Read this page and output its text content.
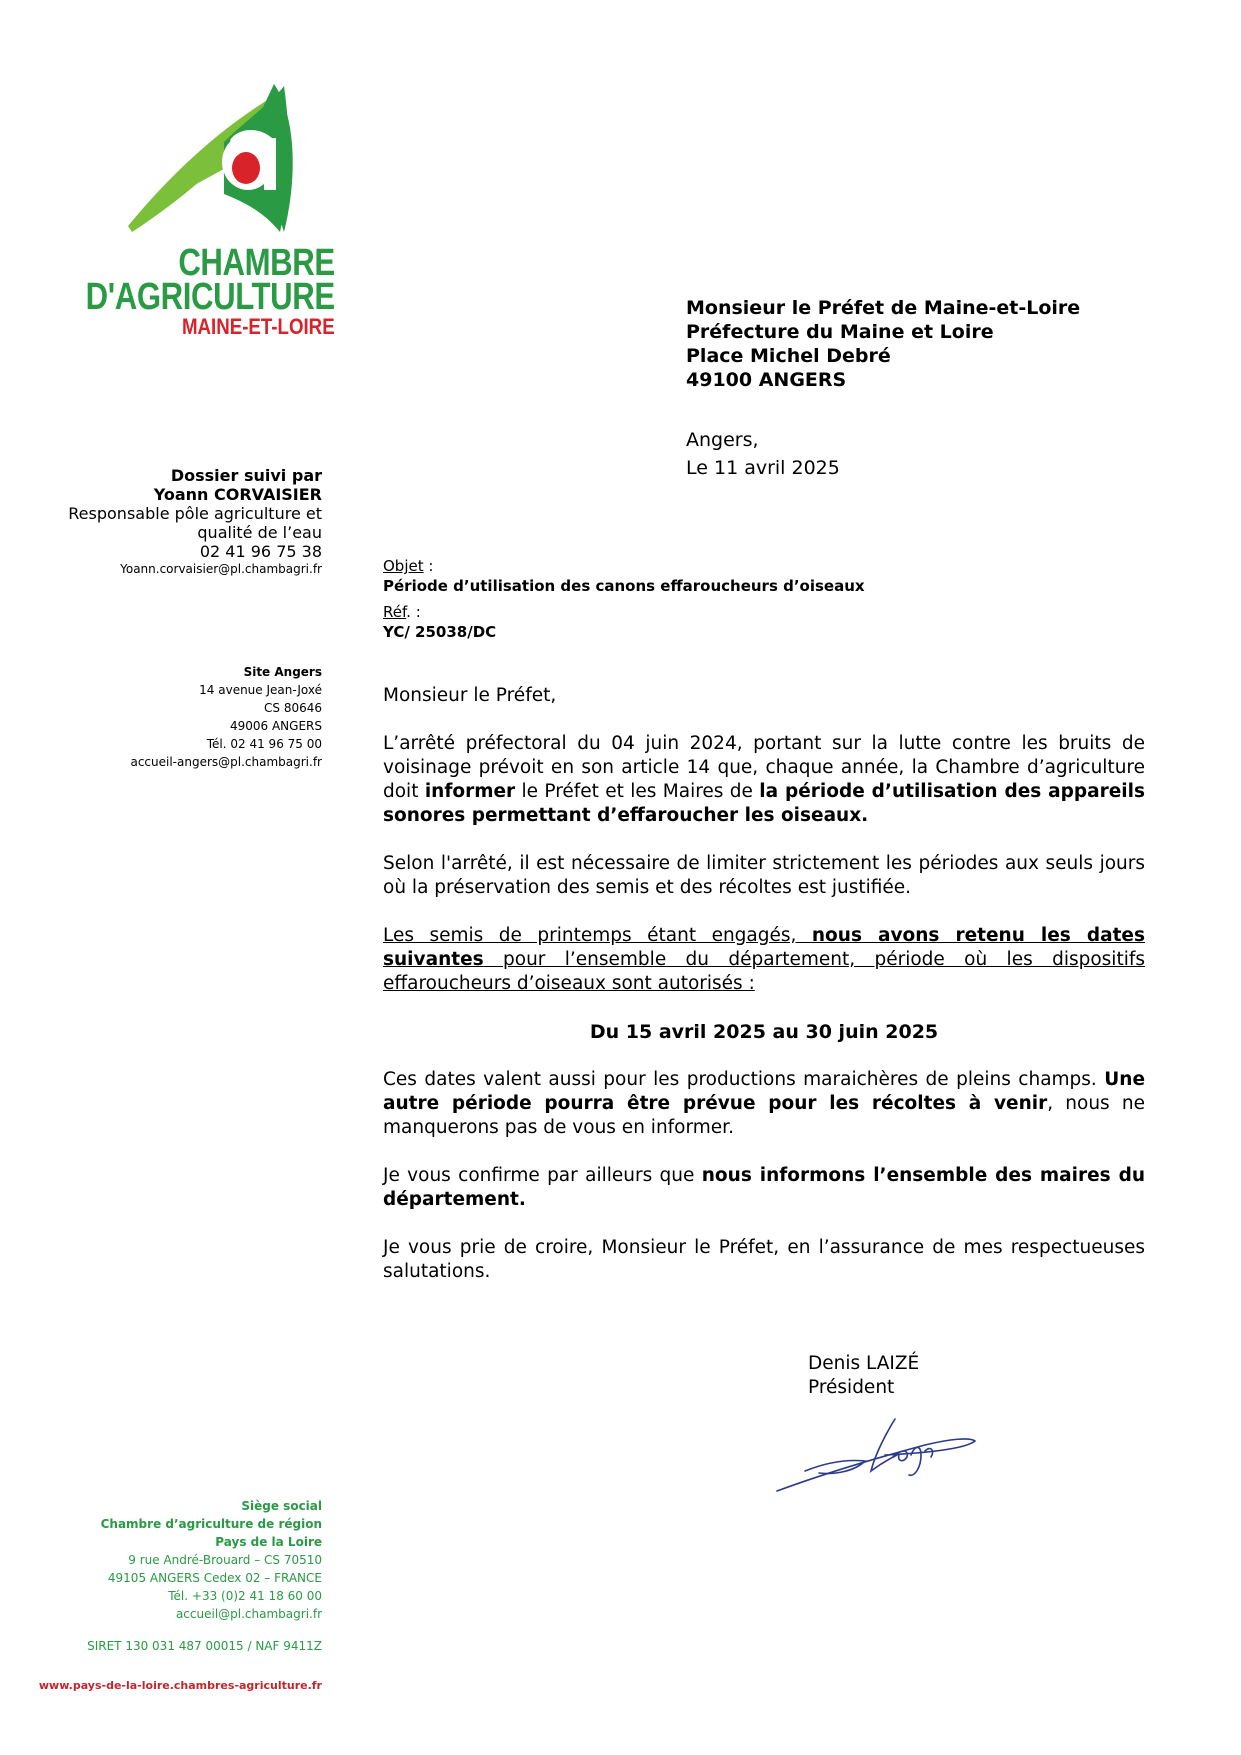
CHAMBRE
D'AGRICULTURE
MAINE-ET-LOIRE
Dossier suivi par
Yoann CORVAISIER
Responsable pôle agriculture et
qualité de l’eau
02 41 96 75 38
Yoann.corvaisier@pl.chambagri.fr
Site Angers
14 avenue Jean-Joxé
CS 80646
49006 ANGERS
Tél. 02 41 96 75 00
accueil-angers@pl.chambagri.fr
Siège social
Chambre d’agriculture de région
Pays de la Loire
9 rue André-Brouard – CS 70510
49105 ANGERS Cedex 02 – FRANCE
Tél. +33 (0)2 41 18 60 00
accueil@pl.chambagri.fr
SIRET 130 031 487 00015 / NAF 9411Z
www.pays-de-la-loire.chambres-agriculture.fr
Monsieur le Préfet de Maine-et-Loire
Préfecture du Maine et Loire
Place Michel Debré
49100 ANGERS
Angers,
Le 11 avril 2025
Objet :
Période d’utilisation des canons effaroucheurs d’oiseaux
Réf. :
YC/ 25038/DC

Monsieur le Préfet,

L’arrêté préfectoral du 04 juin 2024, portant sur la lutte contre les bruits de voisinage prévoit en son article 14 que, chaque année, la Chambre d’agriculture doit informer le Préfet et les Maires de la période d’utilisation des appareils sonores permettant d’effaroucher les oiseaux.

Selon l'arrêté, il est nécessaire de limiter strictement les périodes aux seuls jours où la préservation des semis et des récoltes est justifiée.

Les semis de printemps étant engagés, nous avons retenu les dates suivantes pour l’ensemble du département, période où les dispositifs effaroucheurs d’oiseaux sont autorisés :

Du 15 avril 2025 au 30 juin 2025

Ces dates valent aussi pour les productions maraichères de pleins champs. Une autre période pourra être prévue pour les récoltes à venir, nous ne manquerons pas de vous en informer.

Je vous confirme par ailleurs que nous informons l’ensemble des maires du département.

Je vous prie de croire, Monsieur le Préfet, en l’assurance de mes respectueuses salutations.

Denis LAIZÉ
Président
